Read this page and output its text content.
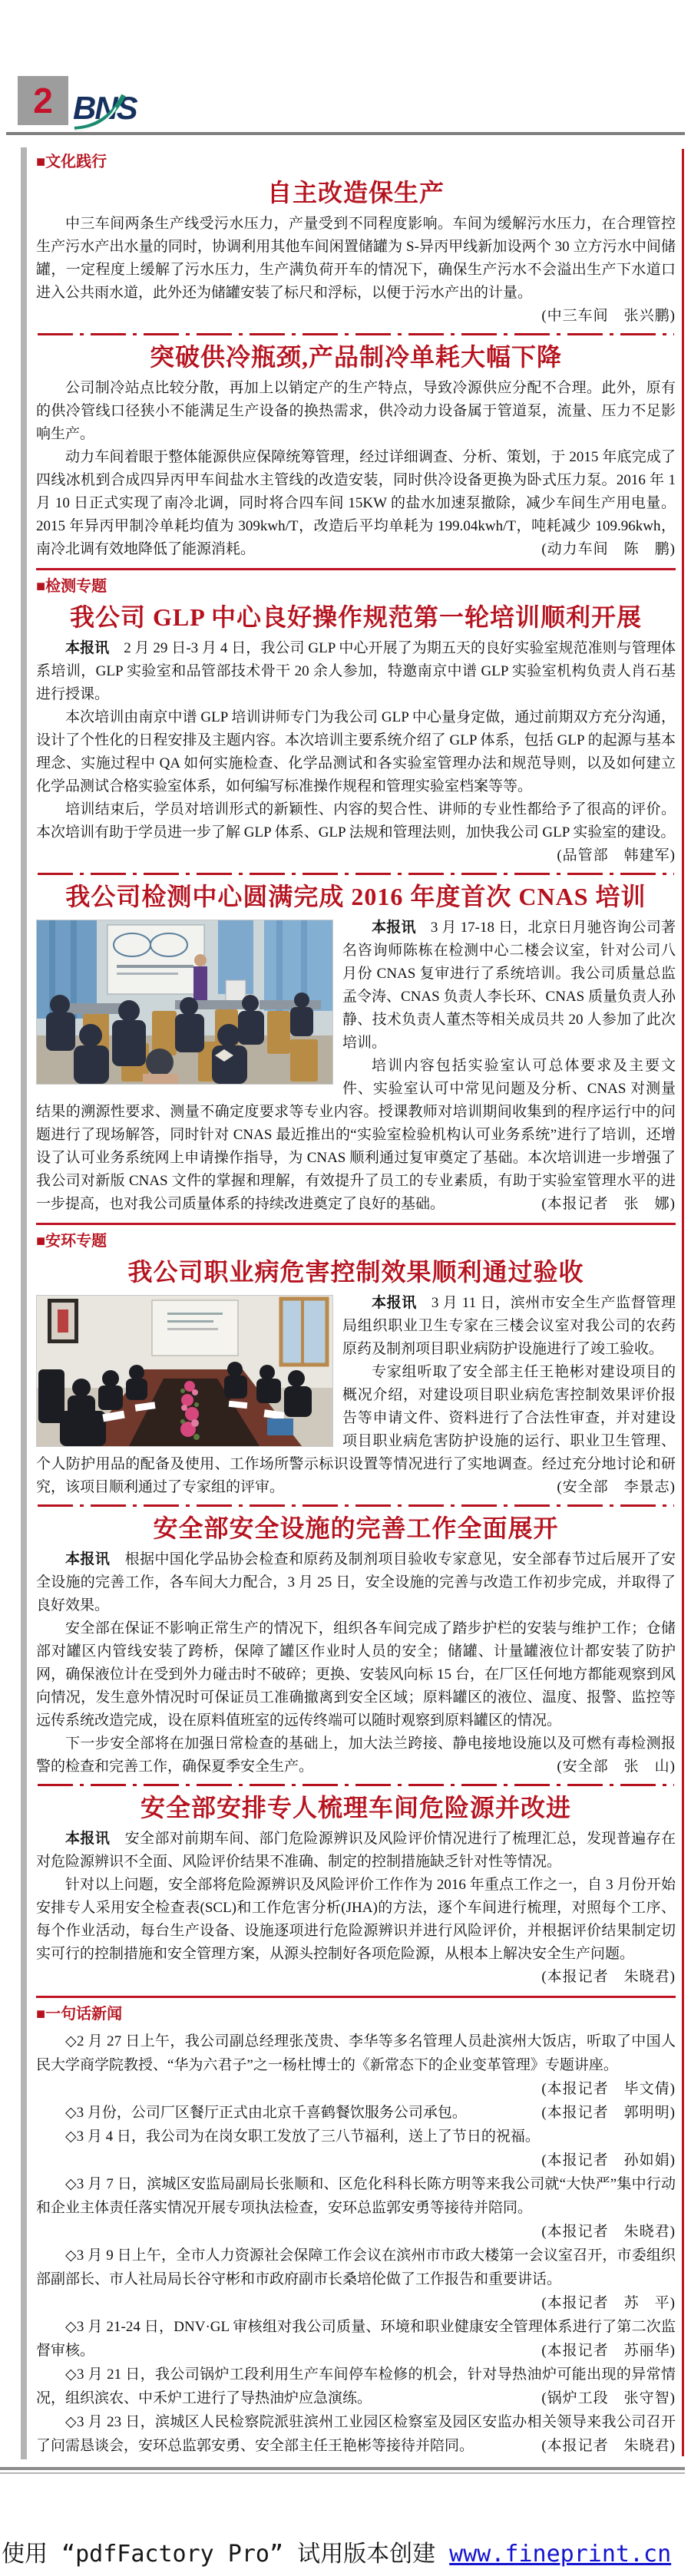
2 BNS

■文化践行

自主改造保生产

中三车间两条生产线受污水压力，产量受到不同程度影响。车间为缓解污水压力，在合理管控生产污水产出水量的同时，协调利用其他车间闲置储罐为 S-异丙甲线新加设两个 30 立方污水中间储罐，一定程度上缓解了污水压力，生产满负荷开车的情况下，确保生产污水不会溢出生产下水道口进入公共雨水道，此外还为储罐安装了标尺和浮标，以便于污水产出的计量。
(中三车间　张兴鹏)

突破供冷瓶颈,产品制冷单耗大幅下降

公司制冷站点比较分散，再加上以销定产的生产特点，导致冷源供应分配不合理。此外，原有的供冷管线口径狭小不能满足生产设备的换热需求，供冷动力设备属于管道泵，流量、压力不足影响生产。

动力车间着眼于整体能源供应保障统筹管理，经过详细调查、分析、策划，于 2015 年底完成了四线冰机到合成四异丙甲车间盐水主管线的改造安装，同时供冷设备更换为卧式压力泵。2016 年 1 月 10 日正式实现了南冷北调，同时将合四车间 15KW 的盐水加速泵撤除，减少车间生产用电量。2015 年异丙甲制冷单耗均值为 309kwh/T，改造后平均单耗为 199.04kwh/T，吨耗减少 109.96kwh，南冷北调有效地降低了能源消耗。	(动力车间　陈　鹏)

■检测专题

我公司 GLP 中心良好操作规范第一轮培训顺利开展

本报讯  2 月 29 日-3 月 4 日，我公司 GLP 中心开展了为期五天的良好实验室规范准则与管理体系培训，GLP 实验室和品管部技术骨干 20 余人参加，特邀南京中谱 GLP 实验室机构负责人肖石基进行授课。

本次培训由南京中谱 GLP 培训讲师专门为我公司 GLP 中心量身定做，通过前期双方充分沟通，设计了个性化的日程安排及主题内容。本次培训主要系统介绍了 GLP 体系，包括 GLP 的起源与基本理念、实施过程中 QA 如何实施检查、化学品测试和各实验室管理办法和规范导则，以及如何建立化学品测试合格实验室体系，如何编写标准操作规程和管理实验室档案等等。

培训结束后，学员对培训形式的新颖性、内容的契合性、讲师的专业性都给予了很高的评价。本次培训有助于学员进一步了解 GLP 体系、GLP 法规和管理法则，加快我公司 GLP 实验室的建设。
(品管部　韩建军)

我公司检测中心圆满完成 2016 年度首次 CNAS 培训

本报讯  3 月 17-18 日，北京日月驰咨询公司著名咨询师陈栋在检测中心二楼会议室，针对公司八月份 CNAS 复审进行了系统培训。我公司质量总监孟令涛、CNAS 负责人李长环、CNAS 质量负责人孙静、技术负责人董杰等相关成员共 20 人参加了此次培训。

培训内容包括实验室认可总体要求及主要文件、实验室认可中常见问题及分析、CNAS 对测量结果的溯源性要求、测量不确定度要求等专业内容。授课教师对培训期间收集到的程序运行中的问题进行了现场解答，同时针对 CNAS 最近推出的“实验室检验机构认可业务系统”进行了培训，还增设了认可业务系统网上申请操作指导，为 CNAS 顺利通过复审奠定了基础。本次培训进一步增强了我公司对新版 CNAS 文件的掌握和理解，有效提升了员工的专业素质，有助于实验室管理水平的进一步提高，也对我公司质量体系的持续改进奠定了良好的基础。	(本报记者　张　娜)

■安环专题

我公司职业病危害控制效果顺利通过验收

本报讯  3 月 11 日，滨州市安全生产监督管理局组织职业卫生专家在三楼会议室对我公司的农药原药及制剂项目职业病防护设施进行了竣工验收。

专家组听取了安全部主任王艳彬对建设项目的概况介绍，对建设项目职业病危害控制效果评价报告等申请文件、资料进行了合法性审查，并对建设项目职业病危害防护设施的运行、职业卫生管理、个人防护用品的配备及使用、工作场所警示标识设置等情况进行了实地调查。经过充分地讨论和研究，该项目顺利通过了专家组的评审。	(安全部　李景志)

安全部安全设施的完善工作全面展开

本报讯  根据中国化学品协会检查和原药及制剂项目验收专家意见，安全部春节过后展开了安全设施的完善工作，各车间大力配合，3 月 25 日，安全设施的完善与改造工作初步完成，并取得了良好效果。

安全部在保证不影响正常生产的情况下，组织各车间完成了踏步护栏的安装与维护工作；仓储部对罐区内管线安装了跨桥，保障了罐区作业时人员的安全；储罐、计量罐液位计都安装了防护网，确保液位计在受到外力碰击时不破碎；更换、安装风向标 15 台，在厂区任何地方都能观察到风向情况，发生意外情况时可保证员工准确撤离到安全区域；原料罐区的液位、温度、报警、监控等远传系统改造完成，设在原料值班室的远传终端可以随时观察到原料罐区的情况。

下一步安全部将在加强日常检查的基础上，加大法兰跨接、静电接地设施以及可燃有毒检测报警的检查和完善工作，确保夏季安全生产。	(安全部　张　山)

安全部安排专人梳理车间危险源并改进

本报讯  安全部对前期车间、部门危险源辨识及风险评价情况进行了梳理汇总，发现普遍存在对危险源辨识不全面、风险评价结果不准确、制定的控制措施缺乏针对性等情况。

针对以上问题，安全部将危险源辨识及风险评价工作作为 2016 年重点工作之一，自 3 月份开始安排专人采用安全检查表(SCL)和工作危害分析(JHA)的方法，逐个车间进行梳理，对照每个工序、每个作业活动，每台生产设备、设施逐项进行危险源辨识并进行风险评价，并根据评价结果制定切实可行的控制措施和安全管理方案，从源头控制好各项危险源，从根本上解决安全生产问题。
(本报记者　朱晓君)

■一句话新闻

◇2 月 27 日上午，我公司副总经理张茂贵、李华等多名管理人员赴滨州大饭店，听取了中国人民大学商学院教授、“华为六君子”之一杨杜博士的《新常态下的企业变革管理》专题讲座。
(本报记者　毕文倩)

◇3 月份，公司厂区餐厅正式由北京千喜鹤餐饮服务公司承包。	(本报记者　郭明明)

◇3 月 4 日，我公司为在岗女职工发放了三八节福利，送上了节日的祝福。
(本报记者　孙如娟)

◇3 月 7 日，滨城区安监局副局长张顺和、区危化科科长陈方明等来我公司就“大快严”集中行动和企业主体责任落实情况开展专项执法检查，安环总监郭安勇等接待并陪同。
(本报记者　朱晓君)

◇3 月 9 日上午，全市人力资源社会保障工作会议在滨州市市政大楼第一会议室召开，市委组织部副部长、市人社局局长谷守彬和市政府副市长桑培伦做了工作报告和重要讲话。
(本报记者　苏　平)

◇3 月 21-24 日，DNV·GL 审核组对我公司质量、环境和职业健康安全管理体系进行了第二次监督审核。	(本报记者　苏丽华)

◇3 月 21 日，我公司锅炉工段利用生产车间停车检修的机会，针对导热油炉可能出现的异常情况，组织滨农、中禾炉工进行了导热油炉应急演练。	(锅炉工段　张守智)

◇3 月 23 日，滨城区人民检察院派驻滨州工业园区检察室及园区安监办相关领导来我公司召开了问需恳谈会，安环总监郭安勇、安全部主任王艳彬等接待并陪同。	(本报记者　朱晓君)

使用 “pdfFactory Pro” 试用版本创建 www.fineprint.cn
